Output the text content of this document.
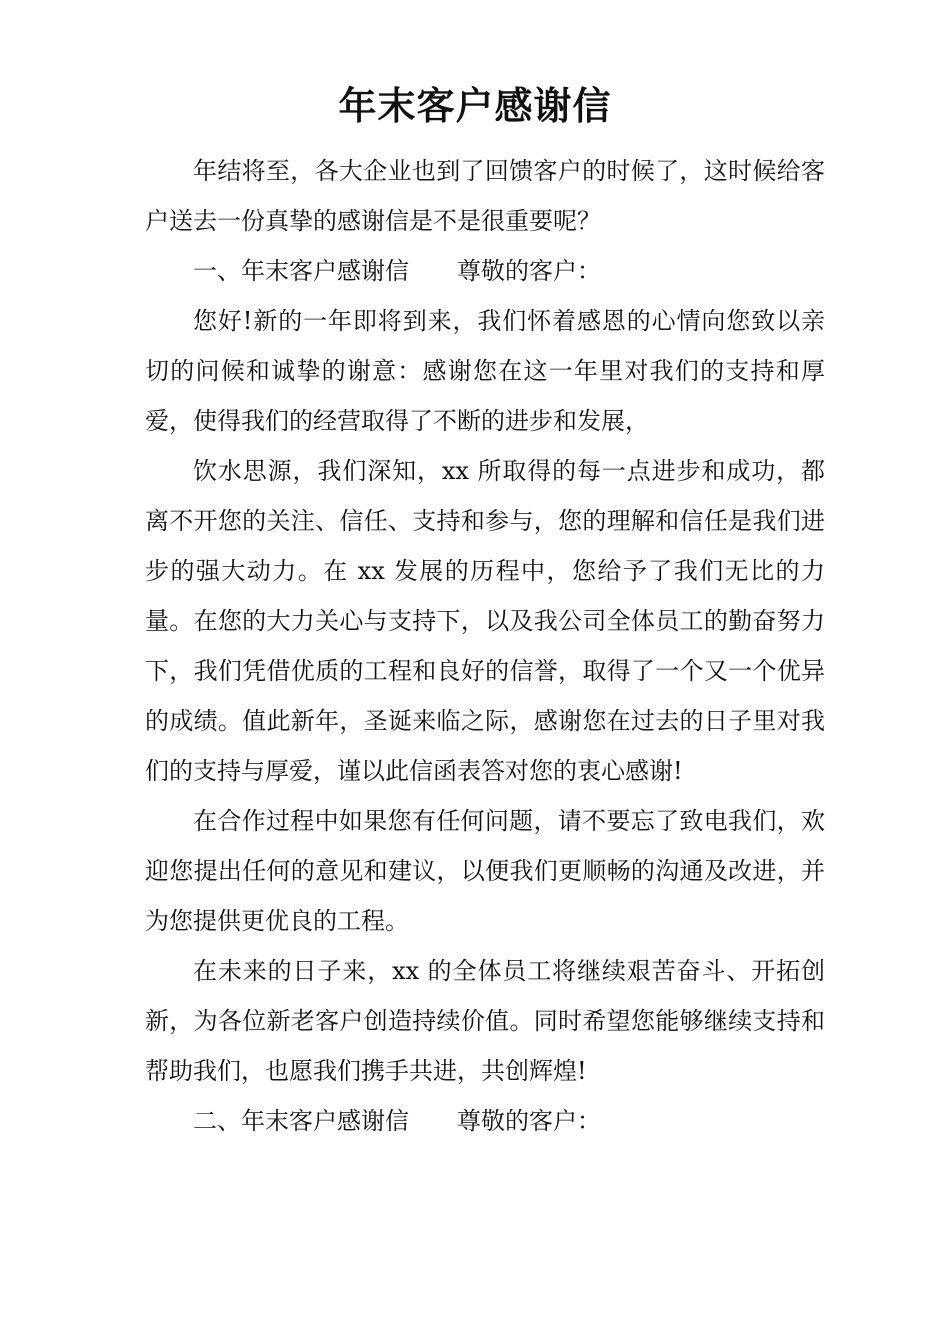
年末客户感谢信

年结将至，各大企业也到了回馈客户的时候了，这时候给客户送去一份真挚的感谢信是不是很重要呢？

一、年末客户感谢信　　尊敬的客户：

您好!新的一年即将到来，我们怀着感恩的心情向您致以亲切的问候和诚挚的谢意：感谢您在这一年里对我们的支持和厚爱，使得我们的经营取得了不断的进步和发展，

饮水思源，我们深知，xx 所取得的每一点进步和成功，都离不开您的关注、信任、支持和参与，您的理解和信任是我们进步的强大动力。在 xx 发展的历程中，您给予了我们无比的力量。在您的大力关心与支持下，以及我公司全体员工的勤奋努力下，我们凭借优质的工程和良好的信誉，取得了一个又一个优异的成绩。值此新年，圣诞来临之际，感谢您在过去的日子里对我们的支持与厚爱，谨以此信函表答对您的衷心感谢!

在合作过程中如果您有任何问题，请不要忘了致电我们，欢迎您提出任何的意见和建议，以便我们更顺畅的沟通及改进，并为您提供更优良的工程。

在未来的日子来，xx 的全体员工将继续艰苦奋斗、开拓创新，为各位新老客户创造持续价值。同时希望您能够继续支持和帮助我们，也愿我们携手共进，共创辉煌!

二、年末客户感谢信　　尊敬的客户：
